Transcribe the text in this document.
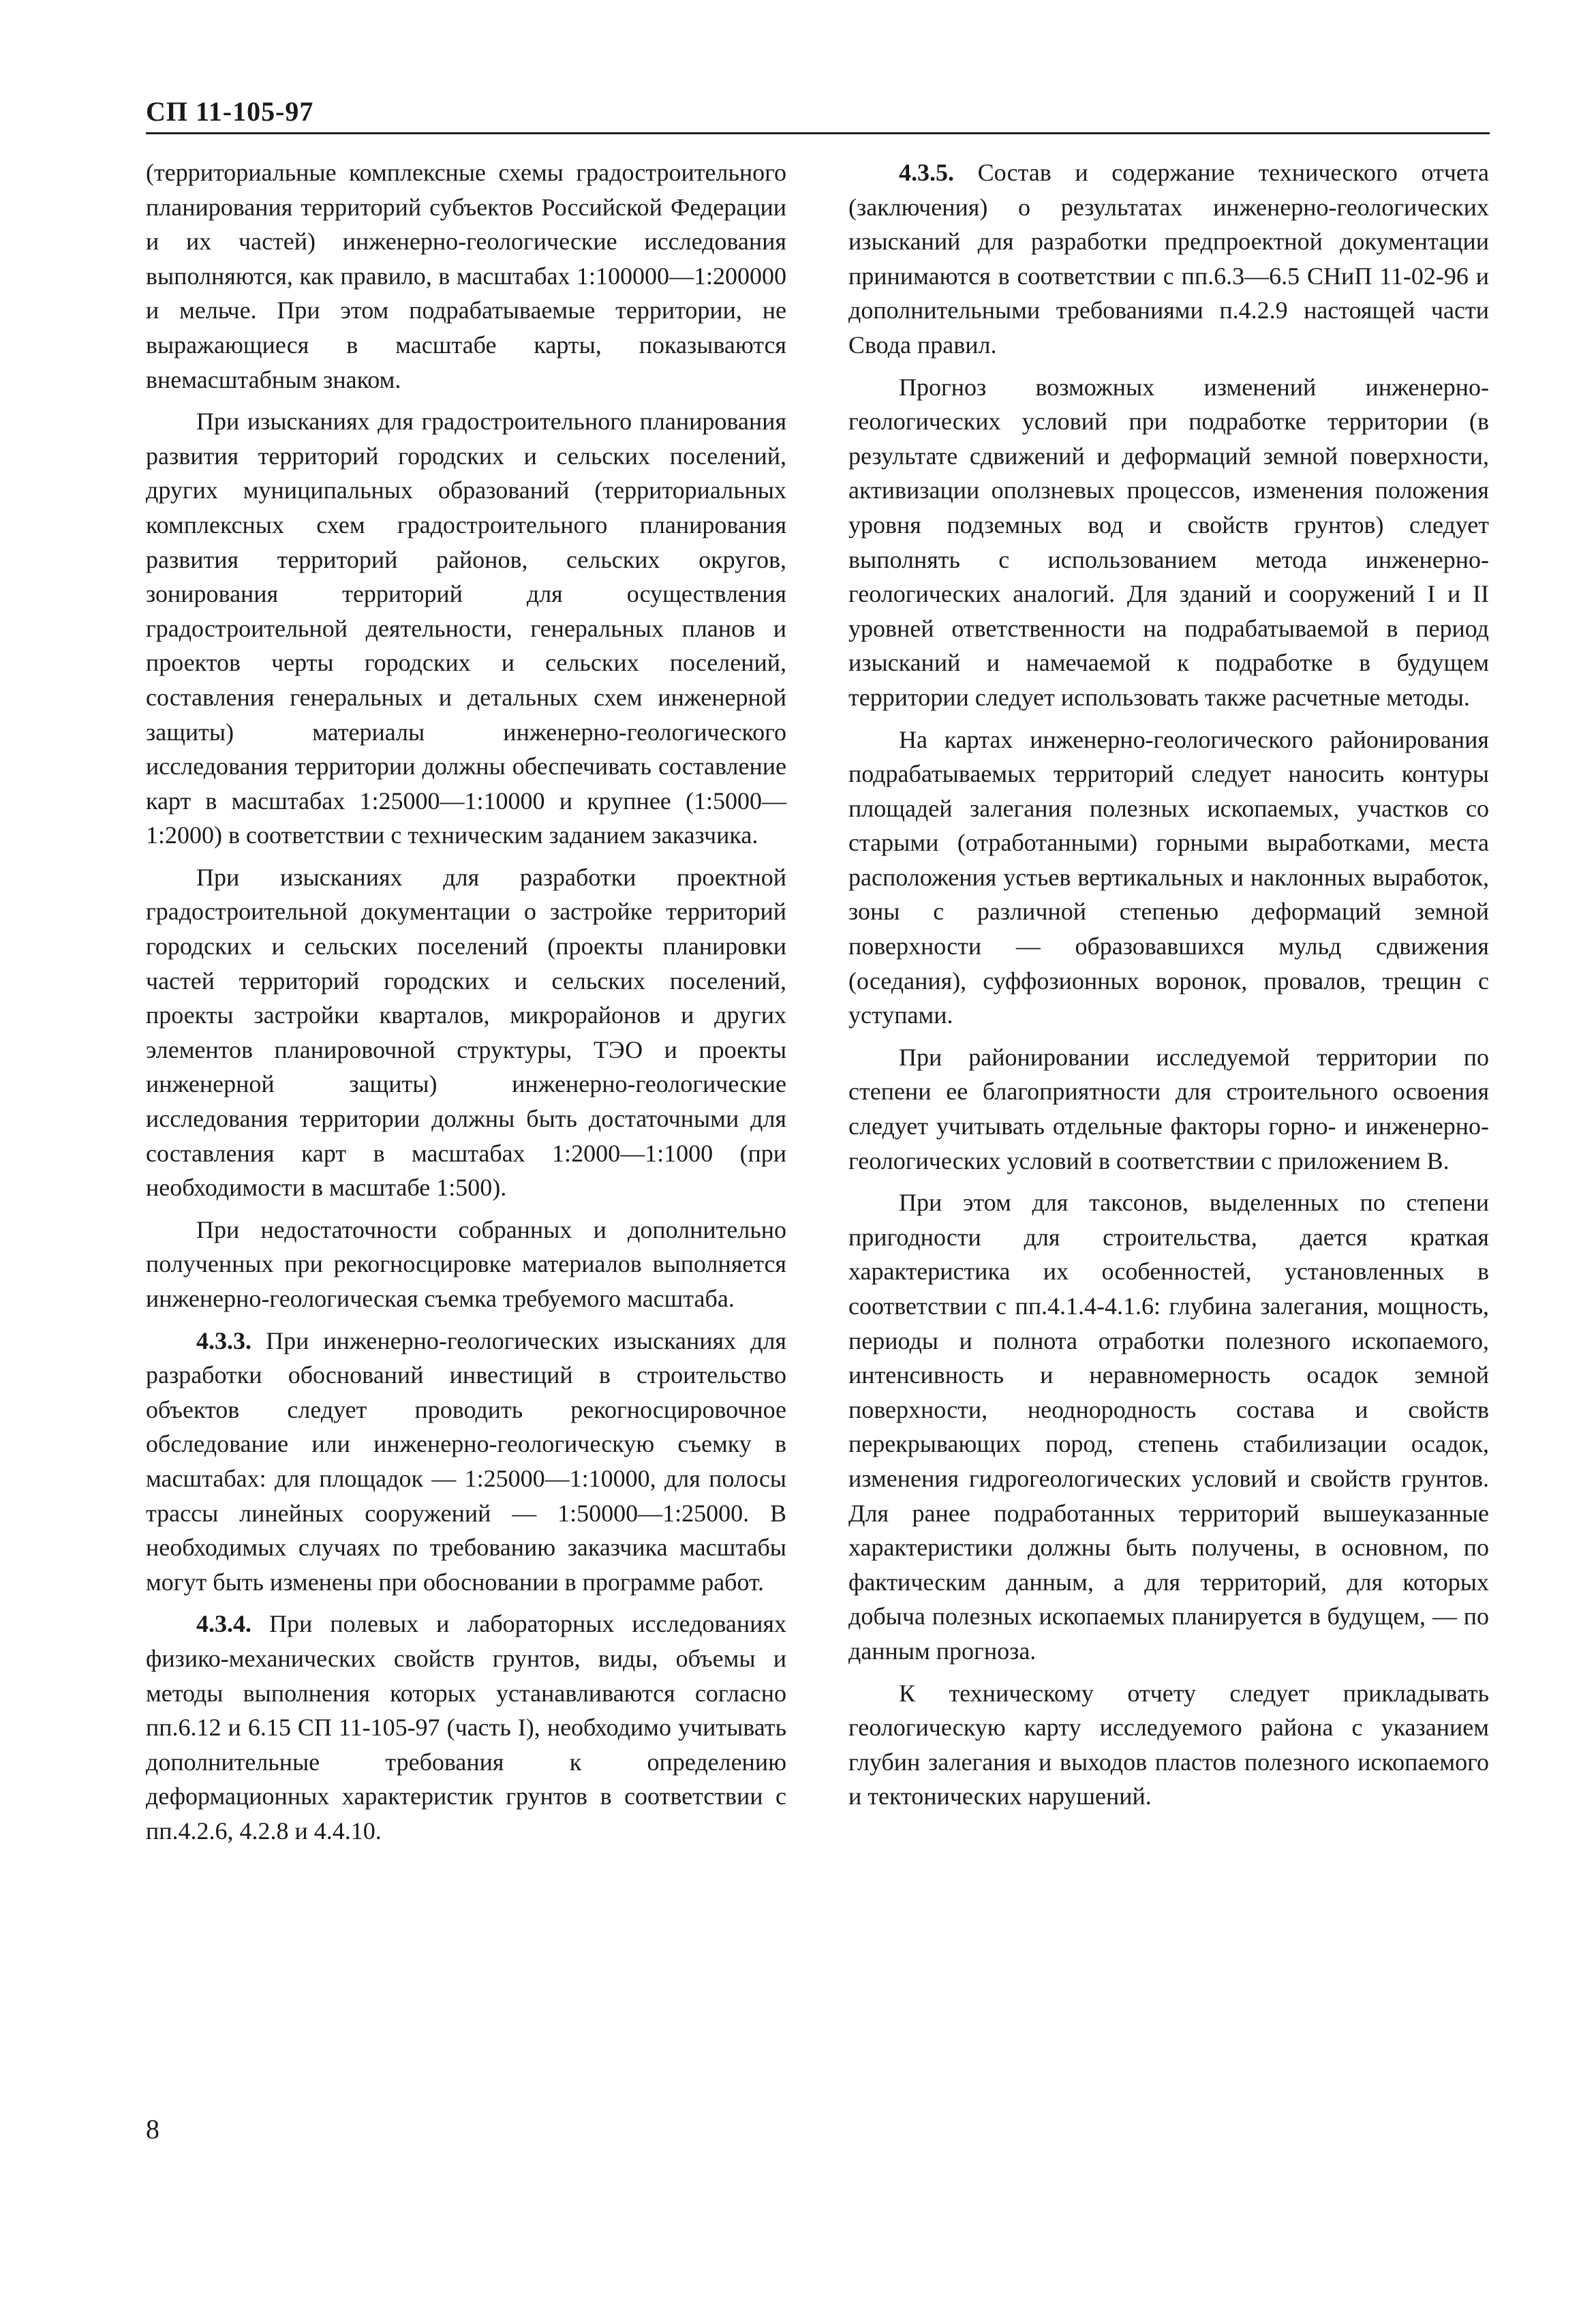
СП 11-105-97

(территориальные комплексные схемы градостроительного планирования территорий субъектов Российской Федерации и их частей) инженерно-геологические исследования выполняются, как правило, в масштабах 1:100000—1:200000 и мельче. При этом подрабатываемые территории, не выражающиеся в масштабе карты, показываются внемасштабным знаком.

При изысканиях для градостроительного планирования развития территорий городских и сельских поселений, других муниципальных образований (территориальных комплексных схем градостроительного планирования развития территорий районов, сельских округов, зонирования территорий для осуществления градостроительной деятельности, генеральных планов и проектов черты городских и сельских поселений, составления генеральных и детальных схем инженерной защиты) материалы инженерно-геологического исследования территории должны обеспечивать составление карт в масштабах 1:25000—1:10000 и крупнее (1:5000—1:2000) в соответствии с техническим заданием заказчика.

При изысканиях для разработки проектной градостроительной документации о застройке территорий городских и сельских поселений (проекты планировки частей территорий городских и сельских поселений, проекты застройки кварталов, микрорайонов и других элементов планировочной структуры, ТЭО и проекты инженерной защиты) инженерно-геологические исследования территории должны быть достаточными для составления карт в масштабах 1:2000—1:1000 (при необходимости в масштабе 1:500).

При недостаточности собранных и дополнительно полученных при рекогносцировке материалов выполняется инженерно-геологическая съемка требуемого масштаба.

4.3.3. При инженерно-геологических изысканиях для разработки обоснований инвестиций в строительство объектов следует проводить рекогносцировочное обследование или инженерно-геологическую съемку в масштабах: для площадок — 1:25000—1:10000, для полосы трассы линейных сооружений — 1:50000—1:25000. В необходимых случаях по требованию заказчика масштабы могут быть изменены при обосновании в программе работ.

4.3.4. При полевых и лабораторных исследованиях физико-механических свойств грунтов, виды, объемы и методы выполнения которых устанавливаются согласно пп.6.12 и 6.15 СП 11-105-97 (часть I), необходимо учитывать дополнительные требования к определению деформационных характеристик грунтов в соответствии с пп.4.2.6, 4.2.8 и 4.4.10.

4.3.5. Состав и содержание технического отчета (заключения) о результатах инженерно-геологических изысканий для разработки предпроектной документации принимаются в соответствии с пп.6.3—6.5 СНиП 11-02-96 и дополнительными требованиями п.4.2.9 настоящей части Свода правил.

Прогноз возможных изменений инженерно-геологических условий при подработке территории (в результате сдвижений и деформаций земной поверхности, активизации оползневых процессов, изменения положения уровня подземных вод и свойств грунтов) следует выполнять с использованием метода инженерно-геологических аналогий. Для зданий и сооружений I и II уровней ответственности на подрабатываемой в период изысканий и намечаемой к подработке в будущем территории следует использовать также расчетные методы.

На картах инженерно-геологического районирования подрабатываемых территорий следует наносить контуры площадей залегания полезных ископаемых, участков со старыми (отработанными) горными выработками, места расположения устьев вертикальных и наклонных выработок, зоны с различной степенью деформаций земной поверхности — образовавшихся мульд сдвижения (оседания), суффозионных воронок, провалов, трещин с уступами.

При районировании исследуемой территории по степени ее благоприятности для строительного освоения следует учитывать отдельные факторы горно- и инженерно-геологических условий в соответствии с приложением В.

При этом для таксонов, выделенных по степени пригодности для строительства, дается краткая характеристика их особенностей, установленных в соответствии с пп.4.1.4-4.1.6: глубина залегания, мощность, периоды и полнота отработки полезного ископаемого, интенсивность и неравномерность осадок земной поверхности, неоднородность состава и свойств перекрывающих пород, степень стабилизации осадок, изменения гидрогеологических условий и свойств грунтов. Для ранее подработанных территорий вышеуказанные характеристики должны быть получены, в основном, по фактическим данным, а для территорий, для которых добыча полезных ископаемых планируется в будущем, — по данным прогноза.

К техническому отчету следует прикладывать геологическую карту исследуемого района с указанием глубин залегания и выходов пластов полезного ископаемого и тектонических нарушений.

8
